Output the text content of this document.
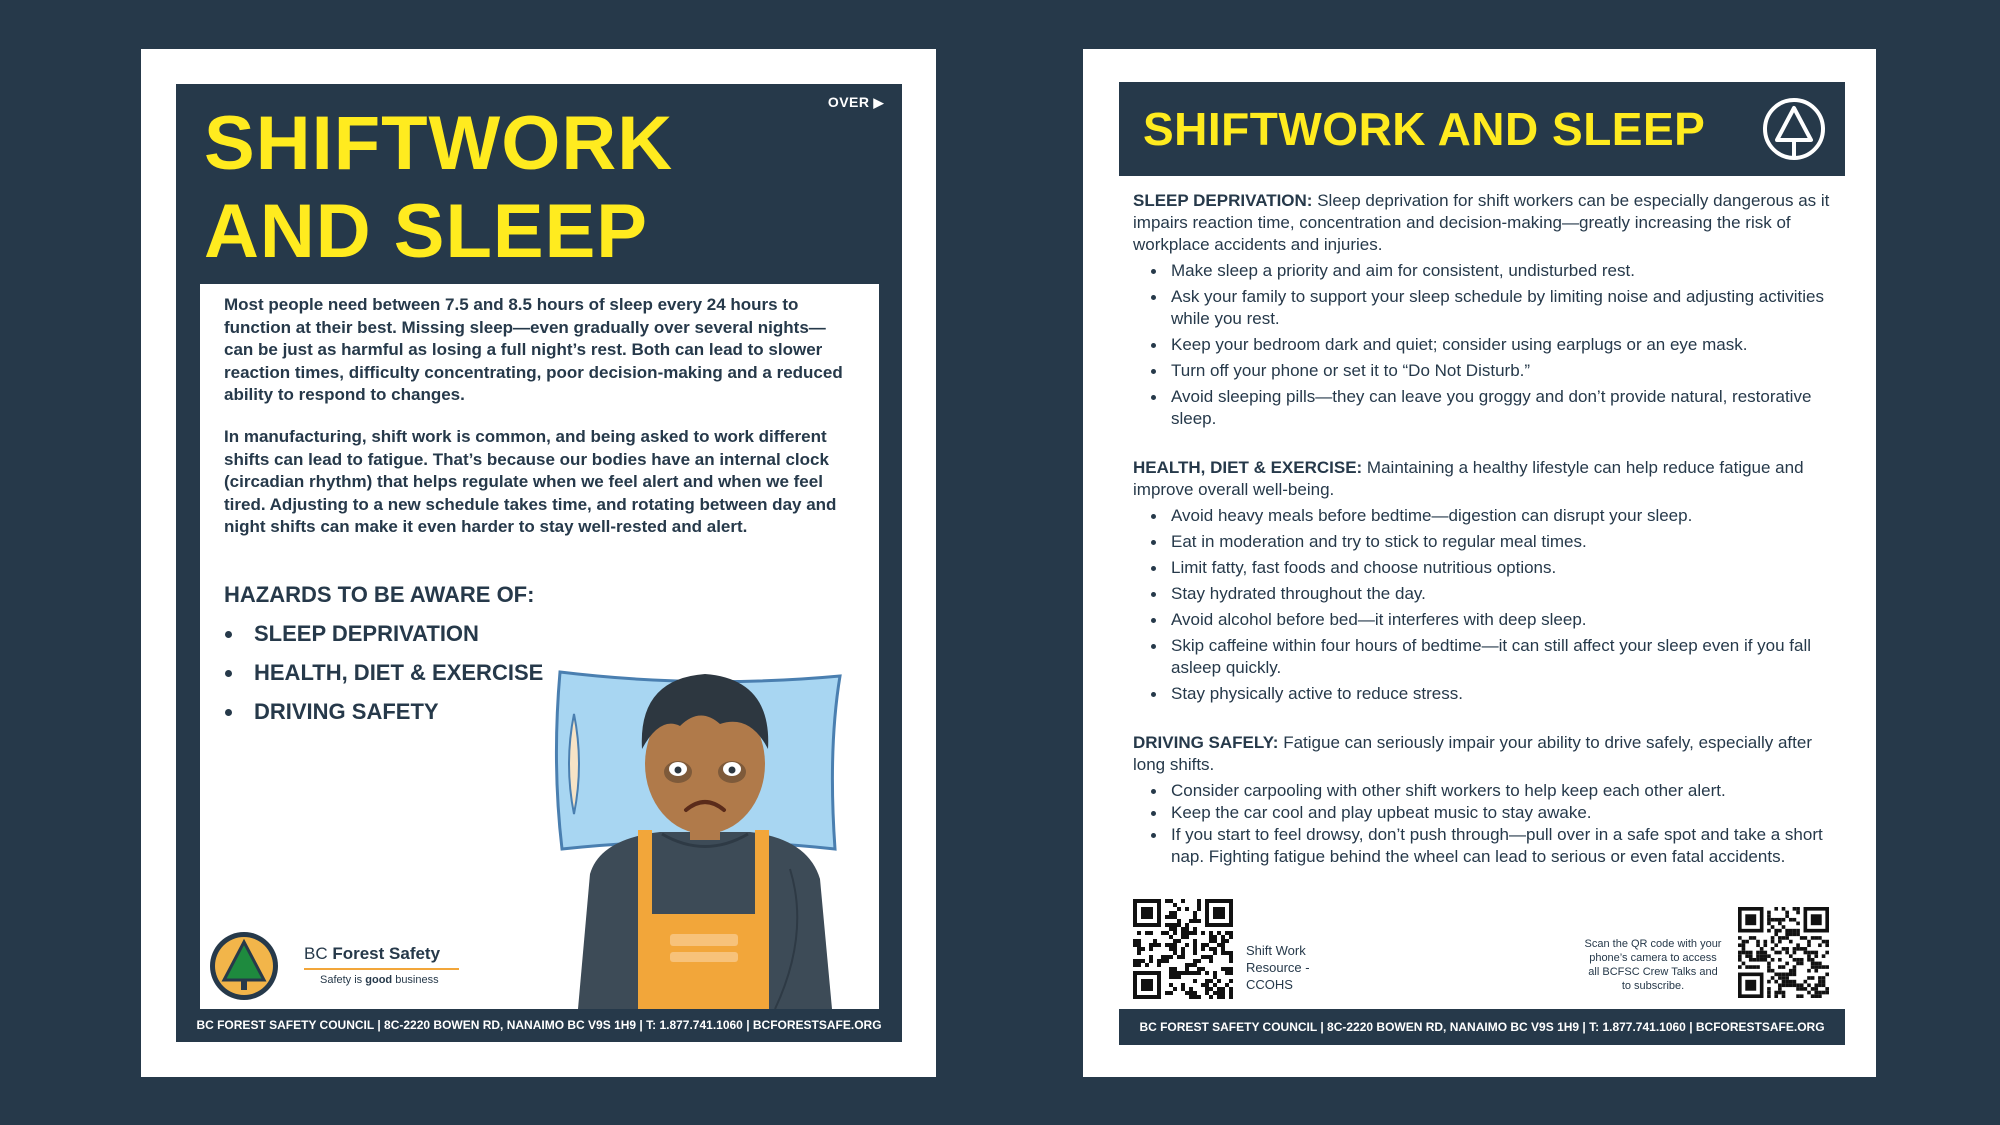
OVER ▶
SHIFTWORK
AND SLEEP

Most people need between 7.5 and 8.5 hours of sleep every 24 hours to function at their best. Missing sleep—even gradually over several nights—can be just as harmful as losing a full night’s rest. Both can lead to slower reaction times, difficulty concentrating, poor decision-making and a reduced ability to respond to changes.

In manufacturing, shift work is common, and being asked to work different shifts can lead to fatigue. That’s because our bodies have an internal clock (circadian rhythm) that helps regulate when we feel alert and when we feel tired. Adjusting to a new schedule takes time, and rotating between day and night shifts can make it even harder to stay well-rested and alert.

HAZARDS TO BE AWARE OF:
SLEEP DEPRIVATION
HEALTH, DIET & EXERCISE
DRIVING SAFETY
BC Forest Safety
Safety is good business
BC FOREST SAFETY COUNCIL | 8C-2220 BOWEN RD, NANAIMO BC V9S 1H9 | T: 1.877.741.1060 | BCFORESTSAFE.ORG
SHIFTWORK AND SLEEP

SLEEP DEPRIVATION: Sleep deprivation for shift workers can be especially dangerous as it impairs reaction time, concentration and decision-making—greatly increasing the risk of workplace accidents and injuries.

Make sleep a priority and aim for consistent, undisturbed rest.
Ask your family to support your sleep schedule by limiting noise and adjusting activities while you rest.
Keep your bedroom dark and quiet; consider using earplugs or an eye mask.
Turn off your phone or set it to “Do Not Disturb.”
Avoid sleeping pills—they can leave you groggy and don’t provide natural, restorative sleep.

HEALTH, DIET & EXERCISE: Maintaining a healthy lifestyle can help reduce fatigue and improve overall well-being.

Avoid heavy meals before bedtime—digestion can disrupt your sleep.
Eat in moderation and try to stick to regular meal times.
Limit fatty, fast foods and choose nutritious options.
Stay hydrated throughout the day.
Avoid alcohol before bed—it interferes with deep sleep.
Skip caffeine within four hours of bedtime—it can still affect your sleep even if you fall asleep quickly.
Stay physically active to reduce stress.

DRIVING SAFELY: Fatigue can seriously impair your ability to drive safely, especially after long shifts.

Consider carpooling with other shift workers to help keep each other alert.
Keep the car cool and play upbeat music to stay awake.
If you start to feel drowsy, don’t push through—pull over in a safe spot and take a short nap. Fighting fatigue behind the wheel can lead to serious or even fatal accidents.
Shift Work Resource - CCOHS
Scan the QR code with your phone’s camera to access all BCFSC Crew Talks and to subscribe.
BC FOREST SAFETY COUNCIL | 8C-2220 BOWEN RD, NANAIMO BC V9S 1H9 | T: 1.877.741.1060 | BCFORESTSAFE.ORG
